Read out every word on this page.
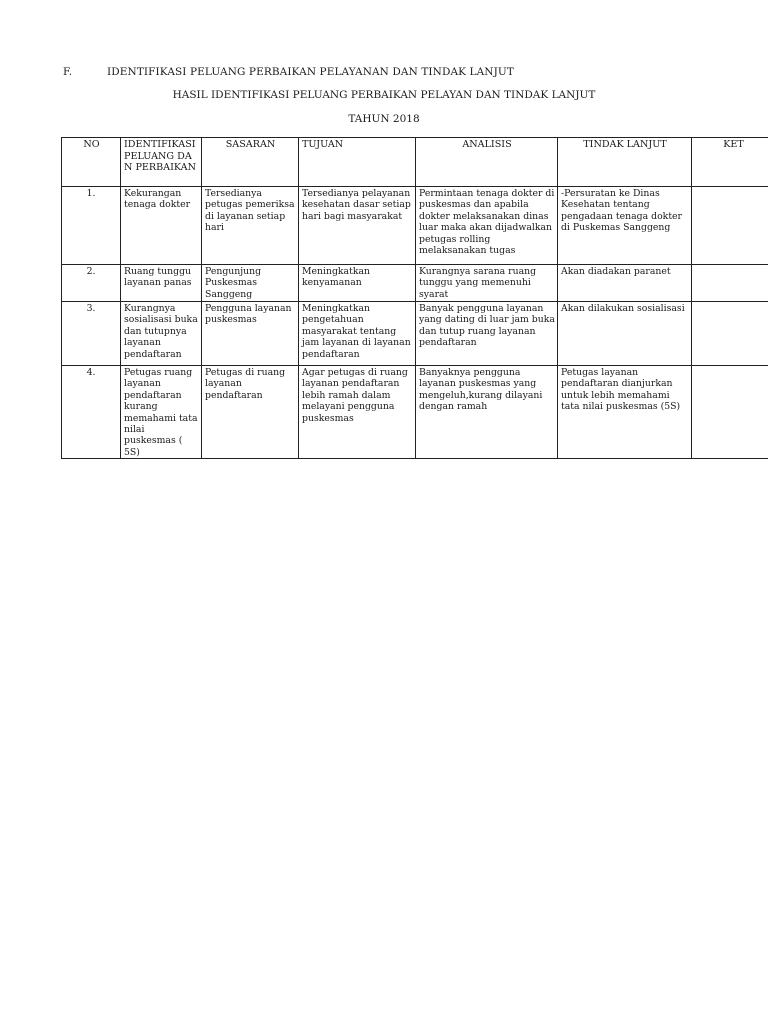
F.	IDENTIFIKASI PELUANG PERBAIKAN PELAYANAN DAN TINDAK LANJUT
HASIL IDENTIFIKASI PELUANG PERBAIKAN PELAYAN DAN TINDAK LANJUT
TAHUN 2018
NO	IDENTIFIKASI PELUANG DAN PERBAIKAN	SASARAN	TUJUAN	ANALISIS	TINDAK LANJUT	KET
1.	Kekurangan tenaga dokter	Tersedianya petugas pemeriksa di layanan setiap hari	Tersedianya pelayanan kesehatan dasar setiap hari bagi masyarakat	Permintaan tenaga dokter di puskesmas dan apabila dokter melaksanakan dinas luar maka akan dijadwalkan petugas rolling melaksanakan tugas	-Persuratan ke Dinas Kesehatan tentang pengadaan tenaga dokter di Puskemas Sanggeng	
2.	Ruang tunggu layanan panas	Pengunjung Puskesmas Sanggeng	Meningkatkan kenyamanan	Kurangnya sarana ruang tunggu yang memenuhi syarat	Akan diadakan paranet	
3.	Kurangnya sosialisasi buka dan tutupnya layanan pendaftaran	Pengguna layanan puskesmas	Meningkatkan pengetahuan masyarakat tentang jam layanan di layanan pendaftaran	Banyak pengguna layanan yang dating di luar jam buka dan tutup ruang layanan pendaftaran	Akan dilakukan sosialisasi	
4.	Petugas ruang layanan pendaftaran kurang memahami tata nilai puskesmas ( 5S)	Petugas di ruang layanan pendaftaran	Agar petugas di ruang layanan pendaftaran lebih ramah dalam melayani pengguna puskesmas	Banyaknya pengguna layanan puskesmas yang mengeluh,kurang dilayani dengan ramah	Petugas layanan pendaftaran dianjurkan untuk lebih memahami tata nilai puskesmas (5S)	
